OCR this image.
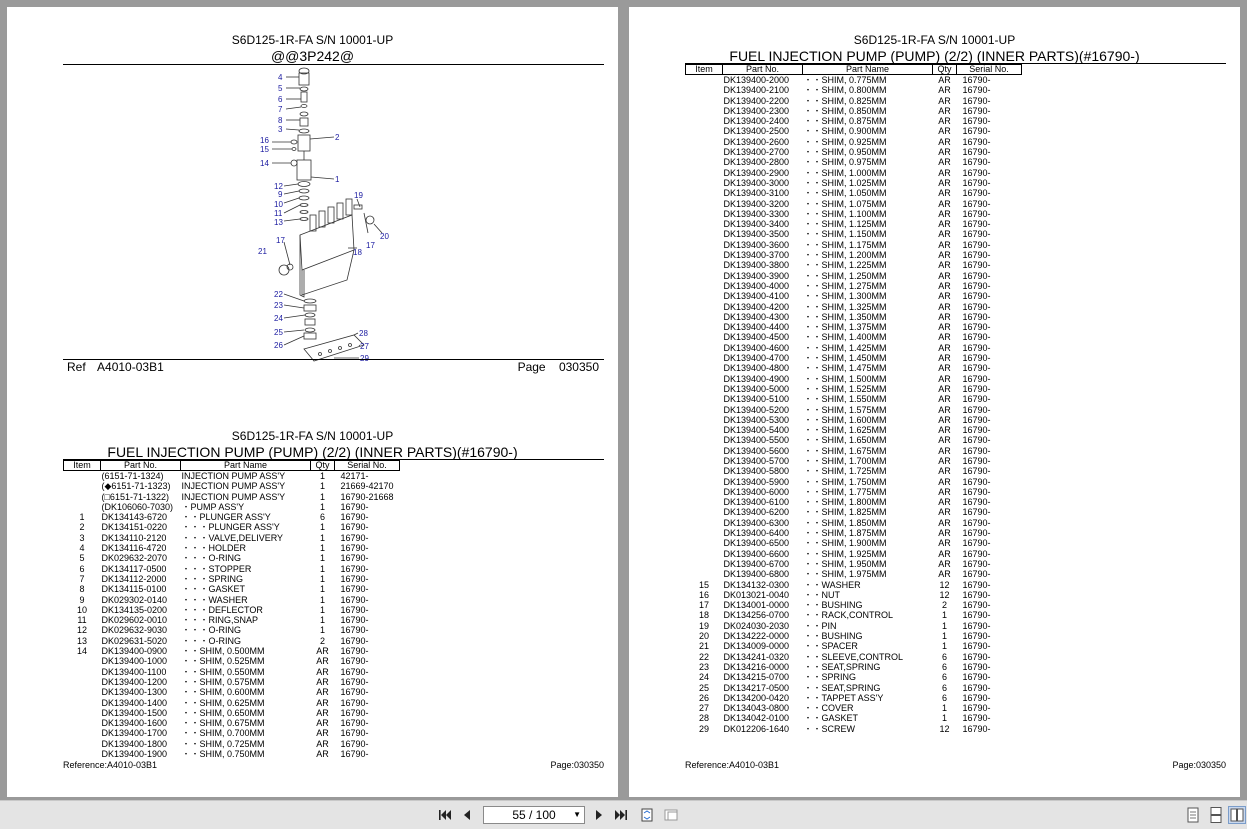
S6D125-1R-FA S/N 10001-UP
@@3P242@
4
5
6
7
8
3
16
15
2
14
1
12
9
10
11
13
19
17
20
17
21	18
22
23
24
25	28
26	27
29
Ref A4010-03B1	Page 030350
S6D125-1R-FA S/N 10001-UP
FUEL INJECTION PUMP (PUMP) (2/2) (INNER PARTS)(#16790-)
Item	Part No.	Part Name	Qty	Serial No.
	(6151-71-1324)	INJECTION PUMP ASS'Y	1	42171-
	(◆6151-71-1323)	INJECTION PUMP ASS'Y	1	21669-42170
	(□6151-71-1322)	INJECTION PUMP ASS'Y	1	16790-21668
	(DK106060-7030)	・PUMP ASS'Y	1	16790-
1	DK134143-6720	・・PLUNGER ASS'Y	6	16790-
2	DK134151-0220	・・・PLUNGER ASS'Y	1	16790-
3	DK134110-2120	・・・VALVE,DELIVERY	1	16790-
4	DK134116-4720	・・・HOLDER	1	16790-
5	DK029632-2070	・・・O-RING	1	16790-
6	DK134117-0500	・・・STOPPER	1	16790-
7	DK134112-2000	・・・SPRING	1	16790-
8	DK134115-0100	・・・GASKET	1	16790-
9	DK029302-0140	・・・WASHER	1	16790-
10	DK134135-0200	・・・DEFLECTOR	1	16790-
11	DK029602-0010	・・・RING,SNAP	1	16790-
12	DK029632-9030	・・・O-RING	1	16790-
13	DK029631-5020	・・・O-RING	2	16790-
14	DK139400-0900	・・SHIM, 0.500MM	AR	16790-
	DK139400-1000	・・SHIM, 0.525MM	AR	16790-
	DK139400-1100	・・SHIM, 0.550MM	AR	16790-
	DK139400-1200	・・SHIM, 0.575MM	AR	16790-
	DK139400-1300	・・SHIM, 0.600MM	AR	16790-
	DK139400-1400	・・SHIM, 0.625MM	AR	16790-
	DK139400-1500	・・SHIM, 0.650MM	AR	16790-
	DK139400-1600	・・SHIM, 0.675MM	AR	16790-
	DK139400-1700	・・SHIM, 0.700MM	AR	16790-
	DK139400-1800	・・SHIM, 0.725MM	AR	16790-
	DK139400-1900	・・SHIM, 0.750MM	AR	16790-
Reference:A4010-03B1	Page:030350
S6D125-1R-FA S/N 10001-UP
FUEL INJECTION PUMP (PUMP) (2/2) (INNER PARTS)(#16790-)
Item	Part No.	Part Name	Qty	Serial No.
	DK139400-2000	・・SHIM, 0.775MM	AR	16790-
	DK139400-2100	・・SHIM, 0.800MM	AR	16790-
	DK139400-2200	・・SHIM, 0.825MM	AR	16790-
	DK139400-2300	・・SHIM, 0.850MM	AR	16790-
	DK139400-2400	・・SHIM, 0.875MM	AR	16790-
	DK139400-2500	・・SHIM, 0.900MM	AR	16790-
	DK139400-2600	・・SHIM, 0.925MM	AR	16790-
	DK139400-2700	・・SHIM, 0.950MM	AR	16790-
	DK139400-2800	・・SHIM, 0.975MM	AR	16790-
	DK139400-2900	・・SHIM, 1.000MM	AR	16790-
	DK139400-3000	・・SHIM, 1.025MM	AR	16790-
	DK139400-3100	・・SHIM, 1.050MM	AR	16790-
	DK139400-3200	・・SHIM, 1.075MM	AR	16790-
	DK139400-3300	・・SHIM, 1.100MM	AR	16790-
	DK139400-3400	・・SHIM, 1.125MM	AR	16790-
	DK139400-3500	・・SHIM, 1.150MM	AR	16790-
	DK139400-3600	・・SHIM, 1.175MM	AR	16790-
	DK139400-3700	・・SHIM, 1.200MM	AR	16790-
	DK139400-3800	・・SHIM, 1.225MM	AR	16790-
	DK139400-3900	・・SHIM, 1.250MM	AR	16790-
	DK139400-4000	・・SHIM, 1.275MM	AR	16790-
	DK139400-4100	・・SHIM, 1.300MM	AR	16790-
	DK139400-4200	・・SHIM, 1.325MM	AR	16790-
	DK139400-4300	・・SHIM, 1.350MM	AR	16790-
	DK139400-4400	・・SHIM, 1.375MM	AR	16790-
	DK139400-4500	・・SHIM, 1.400MM	AR	16790-
	DK139400-4600	・・SHIM, 1.425MM	AR	16790-
	DK139400-4700	・・SHIM, 1.450MM	AR	16790-
	DK139400-4800	・・SHIM, 1.475MM	AR	16790-
	DK139400-4900	・・SHIM, 1.500MM	AR	16790-
	DK139400-5000	・・SHIM, 1.525MM	AR	16790-
	DK139400-5100	・・SHIM, 1.550MM	AR	16790-
	DK139400-5200	・・SHIM, 1.575MM	AR	16790-
	DK139400-5300	・・SHIM, 1.600MM	AR	16790-
	DK139400-5400	・・SHIM, 1.625MM	AR	16790-
	DK139400-5500	・・SHIM, 1.650MM	AR	16790-
	DK139400-5600	・・SHIM, 1.675MM	AR	16790-
	DK139400-5700	・・SHIM, 1.700MM	AR	16790-
	DK139400-5800	・・SHIM, 1.725MM	AR	16790-
	DK139400-5900	・・SHIM, 1.750MM	AR	16790-
	DK139400-6000	・・SHIM, 1.775MM	AR	16790-
	DK139400-6100	・・SHIM, 1.800MM	AR	16790-
	DK139400-6200	・・SHIM, 1.825MM	AR	16790-
	DK139400-6300	・・SHIM, 1.850MM	AR	16790-
	DK139400-6400	・・SHIM, 1.875MM	AR	16790-
	DK139400-6500	・・SHIM, 1.900MM	AR	16790-
	DK139400-6600	・・SHIM, 1.925MM	AR	16790-
	DK139400-6700	・・SHIM, 1.950MM	AR	16790-
	DK139400-6800	・・SHIM, 1.975MM	AR	16790-
15	DK134132-0300	・・WASHER	12	16790-
16	DK013021-0040	・・NUT	12	16790-
17	DK134001-0000	・・BUSHING	2	16790-
18	DK134256-0700	・・RACK,CONTROL	1	16790-
19	DK024030-2030	・・PIN	1	16790-
20	DK134222-0000	・・BUSHING	1	16790-
21	DK134009-0000	・・SPACER	1	16790-
22	DK134241-0320	・・SLEEVE,CONTROL	6	16790-
23	DK134216-0000	・・SEAT,SPRING	6	16790-
24	DK134215-0700	・・SPRING	6	16790-
25	DK134217-0500	・・SEAT,SPRING	6	16790-
26	DK134200-0420	・・TAPPET ASS'Y	6	16790-
27	DK134043-0800	・・COVER	1	16790-
28	DK134042-0100	・・GASKET	1	16790-
29	DK012206-1640	・・SCREW	12	16790-
Reference:A4010-03B1	Page:030350
55 / 100 ▼
